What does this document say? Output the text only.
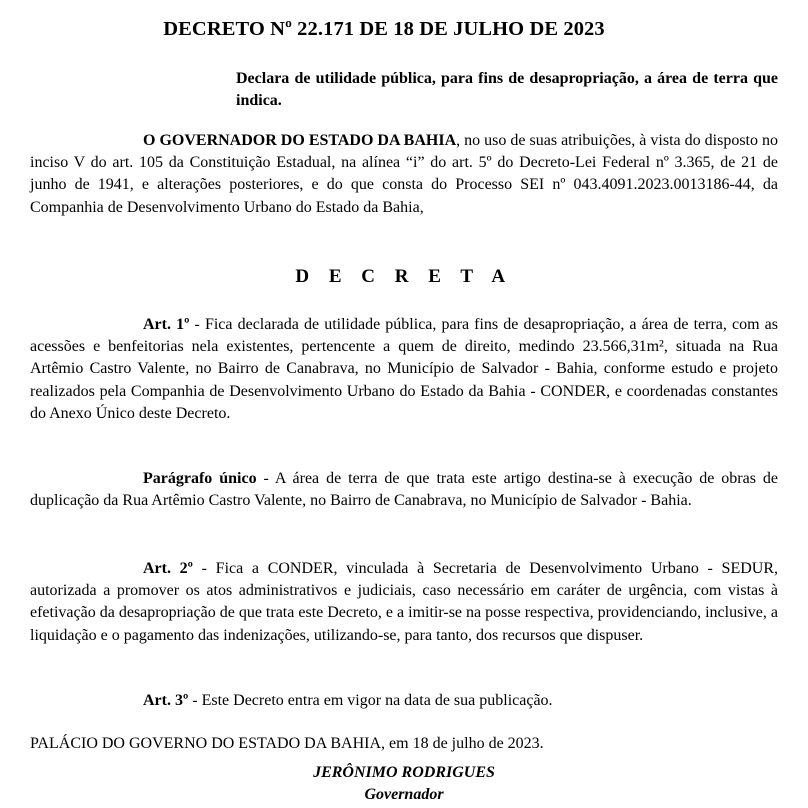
DECRETO Nº 22.171 DE 18 DE JULHO DE 2023
Declara de utilidade pública, para fins de desapropriação, a área de terra que indica.
O GOVERNADOR DO ESTADO DA BAHIA, no uso de suas atribuições, à vista do disposto no inciso V do art. 105 da Constituição Estadual, na alínea “i” do art. 5º do Decreto-Lei Federal nº 3.365, de 21 de junho de 1941, e alterações posteriores, e do que consta do Processo SEI nº 043.4091.2023.0013186-44, da Companhia de Desenvolvimento Urbano do Estado da Bahia,
D E C R E T A
Art. 1º - Fica declarada de utilidade pública, para fins de desapropriação, a área de terra, com as acessões e benfeitorias nela existentes, pertencente a quem de direito, medindo 23.566,31m², situada na Rua Artêmio Castro Valente, no Bairro de Canabrava, no Município de Salvador - Bahia, conforme estudo e projeto realizados pela Companhia de Desenvolvimento Urbano do Estado da Bahia - CONDER, e coordenadas constantes do Anexo Único deste Decreto.
Parágrafo único - A área de terra de que trata este artigo destina-se à execução de obras de duplicação da Rua Artêmio Castro Valente, no Bairro de Canabrava, no Município de Salvador - Bahia.
Art. 2º - Fica a CONDER, vinculada à Secretaria de Desenvolvimento Urbano - SEDUR, autorizada a promover os atos administrativos e judiciais, caso necessário em caráter de urgência, com vistas à efetivação da desapropriação de que trata este Decreto, e a imitir-se na posse respectiva, providenciando, inclusive, a liquidação e o pagamento das indenizações, utilizando-se, para tanto, dos recursos que dispuser.
Art. 3º - Este Decreto entra em vigor na data de sua publicação.
PALÁCIO DO GOVERNO DO ESTADO DA BAHIA, em 18 de julho de 2023.
JERÔNIMO RODRIGUES
Governador
